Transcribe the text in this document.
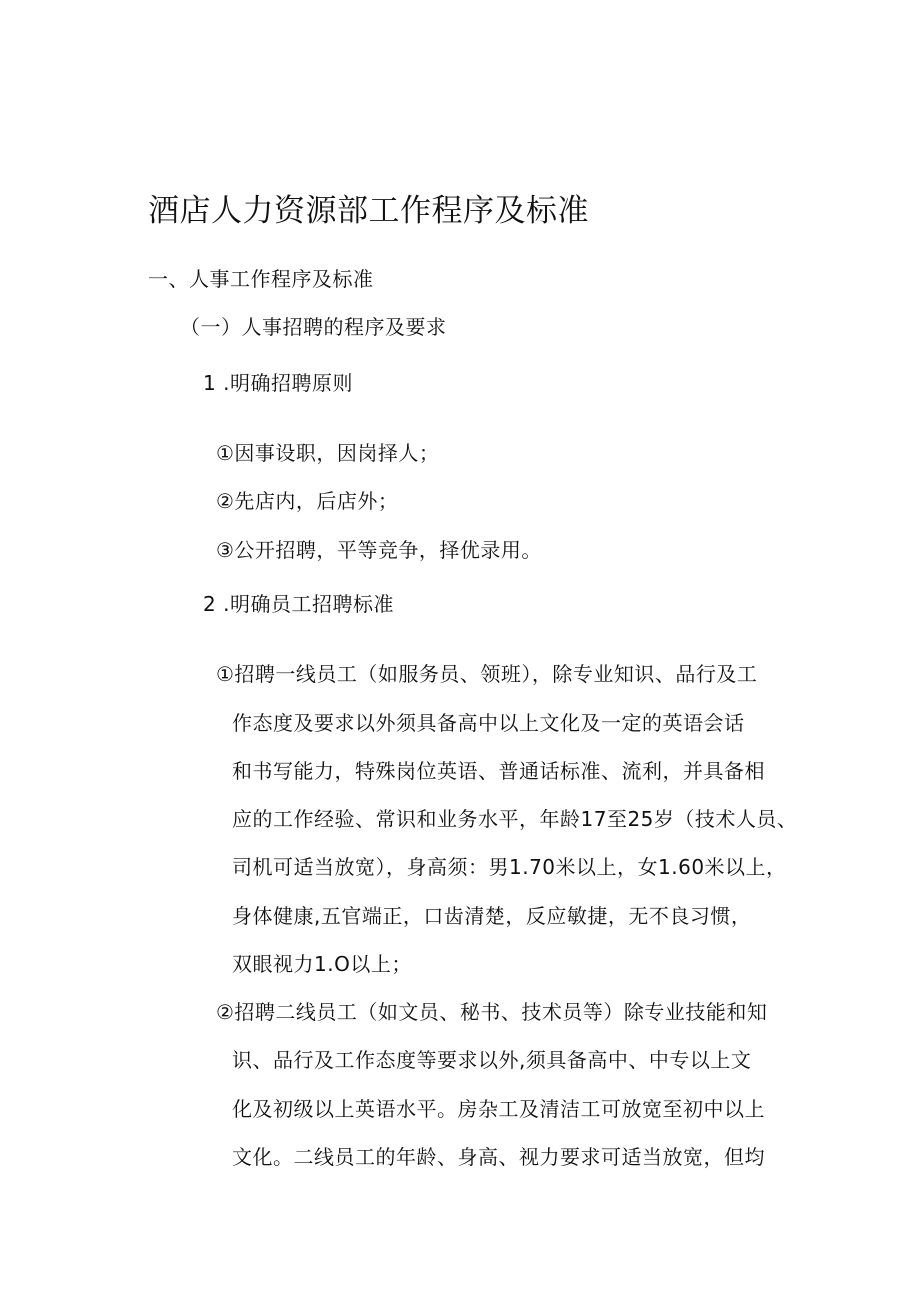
酒店人力资源部工作程序及标准
一、人事工作程序及标准
（一）人事招聘的程序及要求
1 .明确招聘原则
①因事设职，因岗择人；
②先店内，后店外；
③公开招聘，平等竞争，择优录用。
2 .明确员工招聘标准
①招聘一线员工（如服务员、领班），除专业知识、品行及工
作态度及要求以外须具备高中以上文化及一定的英语会话
和书写能力，特殊岗位英语、普通话标准、流利，并具备相
应的工作经验、常识和业务水平，年龄17至25岁（技术人员、
司机可适当放宽），身高须：男1.70米以上，女1.60米以上，
身体健康,五官端正，口齿清楚，反应敏捷，无不良习惯，
双眼视力1.O以上；
②招聘二线员工（如文员、秘书、技术员等）除专业技能和知
识、品行及工作态度等要求以外,须具备高中、中专以上文
化及初级以上英语水平。房杂工及清洁工可放宽至初中以上
文化。二线员工的年龄、身高、视力要求可适当放宽，但均
